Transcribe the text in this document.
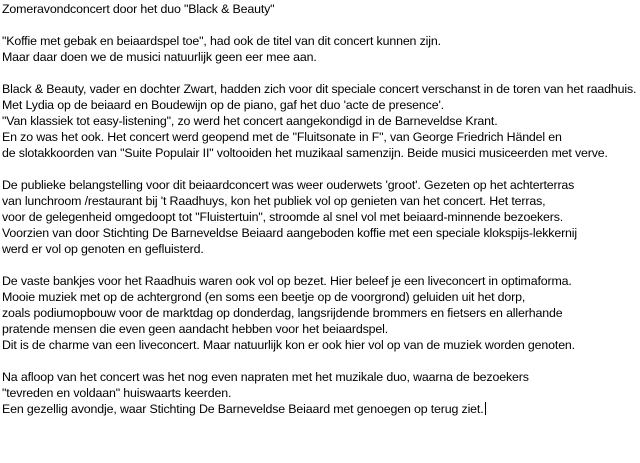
Zomeravondconcert door het duo "Black & Beauty"
"Koffie met gebak en beiaardspel toe", had ook de titel van dit concert kunnen zijn.
Maar daar doen we de musici natuurlijk geen eer mee aan.
Black & Beauty, vader en dochter Zwart, hadden zich voor dit speciale concert verschanst in de toren van het raadhuis.
Met Lydia op de beiaard en Boudewijn op de piano, gaf het duo 'acte de presence'.
"Van klassiek tot easy-listening", zo werd het concert aangekondigd in de Barneveldse Krant.
En zo was het ook. Het concert werd geopend met de "Fluitsonate in F", van George Friedrich Händel en
de slotakkoorden van "Suite Populair II" voltooiden het muzikaal samenzijn. Beide musici musiceerden met verve.
De publieke belangstelling voor dit beiaardconcert was weer ouderwets 'groot'. Gezeten op het achterterras
van lunchroom /restaurant bij 't Raadhuys, kon het publiek vol op genieten van het concert. Het terras,
voor de gelegenheid omgedoopt tot "Fluistertuin", stroomde al snel vol met beiaard-minnende bezoekers.
Voorzien van door Stichting De Barneveldse Beiaard aangeboden koffie met een speciale klokspijs-lekkernij
werd er vol op genoten en gefluisterd.
De vaste bankjes voor het Raadhuis waren ook vol op bezet. Hier beleef je een liveconcert in optimaforma.
Mooie muziek met op de achtergrond (en soms een beetje op de voorgrond) geluiden uit het dorp,
zoals podiumopbouw voor de marktdag op donderdag, langsrijdende brommers en fietsers en allerhande
pratende mensen die even geen aandacht hebben voor het beiaardspel.
Dit is de charme van een liveconcert. Maar natuurlijk kon er ook hier vol op van de muziek worden genoten.
Na afloop van het concert was het nog even napraten met het muzikale duo, waarna de bezoekers
"tevreden en voldaan" huiswaarts keerden.
Een gezellig avondje, waar Stichting De Barneveldse Beiaard met genoegen op terug ziet.
